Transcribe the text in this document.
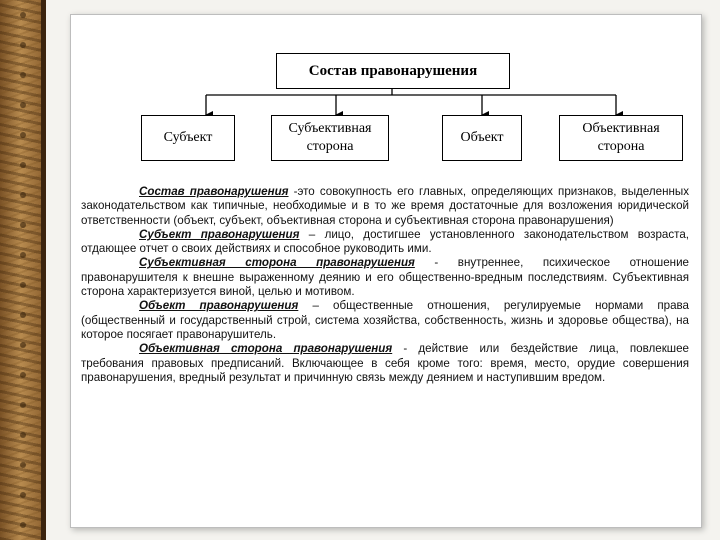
Состав правонарушения
Субъект
Субъективная сторона
Объект
Объективная сторона

Состав правонарушения -это совокупность его главных, определяющих признаков, выделенных законодательством как типичные, необходимые и в то же время достаточные для возложения юридической ответственности (объект, субъект, объективная сторона и субъективная сторона правонарушения)

Субъект правонарушения – лицо, достигшее установленного законодательством возраста, отдающее отчет о своих действиях и способное руководить ими.

Субъективная сторона правонарушения - внутреннее, психическое отношение правонарушителя к внешне выраженному деянию и его общественно-вредным последствиям. Субъективная сторона характеризуется виной, целью и мотивом.

Объект правонарушения – общественные отношения, регулируемые нормами права (общественный и государственный строй, система хозяйства, собственность, жизнь и здоровье общества), на которое посягает правонарушитель.

Объективная сторона правонарушения - действие или бездействие лица, повлекшее требования правовых предписаний. Включающее в себя кроме того: время, место, орудие совершения правонарушения, вредный результат и причинную связь между деянием и наступившим вредом.
